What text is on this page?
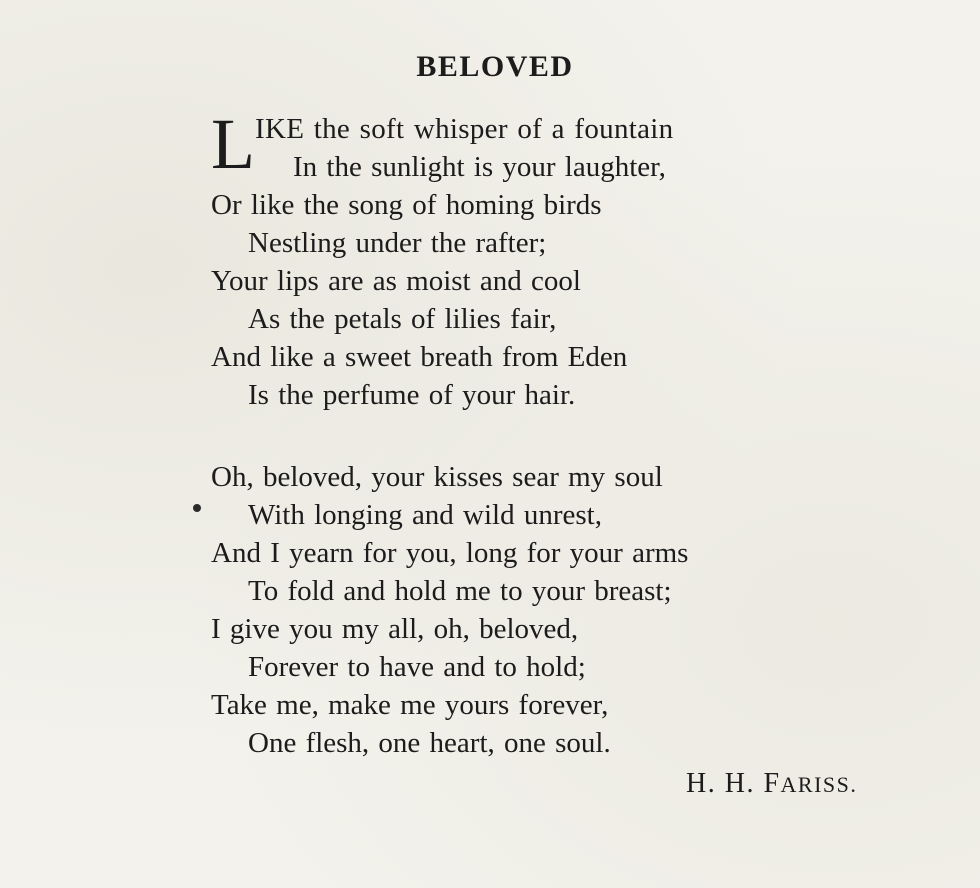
BELOVED
L IKE the soft whisper of a fountain
In the sunlight is your laughter,
Or like the song of homing birds
Nestling under the rafter;
Your lips are as moist and cool
As the petals of lilies fair,
And like a sweet breath from Eden
Is the perfume of your hair.
Oh, beloved, your kisses sear my soul
With longing and wild unrest,
And I yearn for you, long for your arms
To fold and hold me to your breast;
I give you my all, oh, beloved,
Forever to have and to hold;
Take me, make me yours forever,
One flesh, one heart, one soul.
H. H. FARISS.
